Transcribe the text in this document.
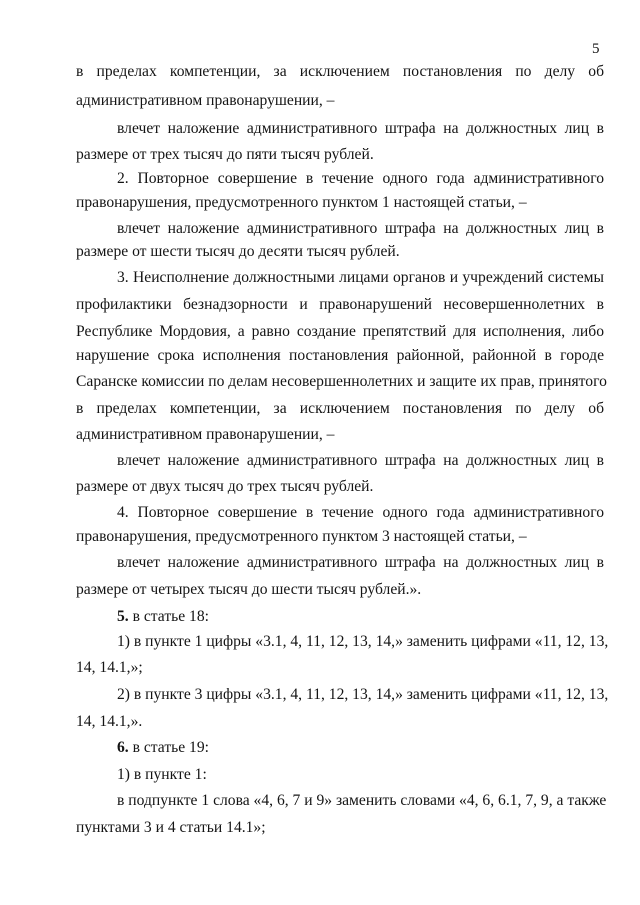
5
в пределах компетенции, за исключением постановления по делу об
административном правонарушении, –
влечет наложение административного штрафа на должностных лиц в
размере от трех тысяч до пяти тысяч рублей.
2. Повторное совершение в течение одного года административного
правонарушения, предусмотренного пунктом 1 настоящей статьи, –
влечет наложение административного штрафа на должностных лиц в
размере от шести тысяч до десяти тысяч рублей.
3. Неисполнение должностными лицами органов и учреждений системы
профилактики безнадзорности и правонарушений несовершеннолетних в
Республике Мордовия, а равно создание препятствий для исполнения, либо
нарушение срока исполнения постановления районной, районной в городе
Саранске комиссии по делам несовершеннолетних и защите их прав, принятого
в пределах компетенции, за исключением постановления по делу об
административном правонарушении, –
влечет наложение административного штрафа на должностных лиц в
размере от двух тысяч до трех тысяч рублей.
4. Повторное совершение в течение одного года административного
правонарушения, предусмотренного пунктом 3 настоящей статьи, –
влечет наложение административного штрафа на должностных лиц в
размере от четырех тысяч до шести тысяч рублей.».
5. в статье 18:
1) в пункте 1 цифры «3.1, 4, 11, 12, 13, 14,» заменить цифрами «11, 12, 13,
14, 14.1,»;
2) в пункте 3 цифры «3.1, 4, 11, 12, 13, 14,» заменить цифрами «11, 12, 13,
14, 14.1,».
6. в статье 19:
1) в пункте 1:
в подпункте 1 слова «4, 6, 7 и 9» заменить словами «4, 6, 6.1, 7, 9, а также
пунктами 3 и 4 статьи 14.1»;
